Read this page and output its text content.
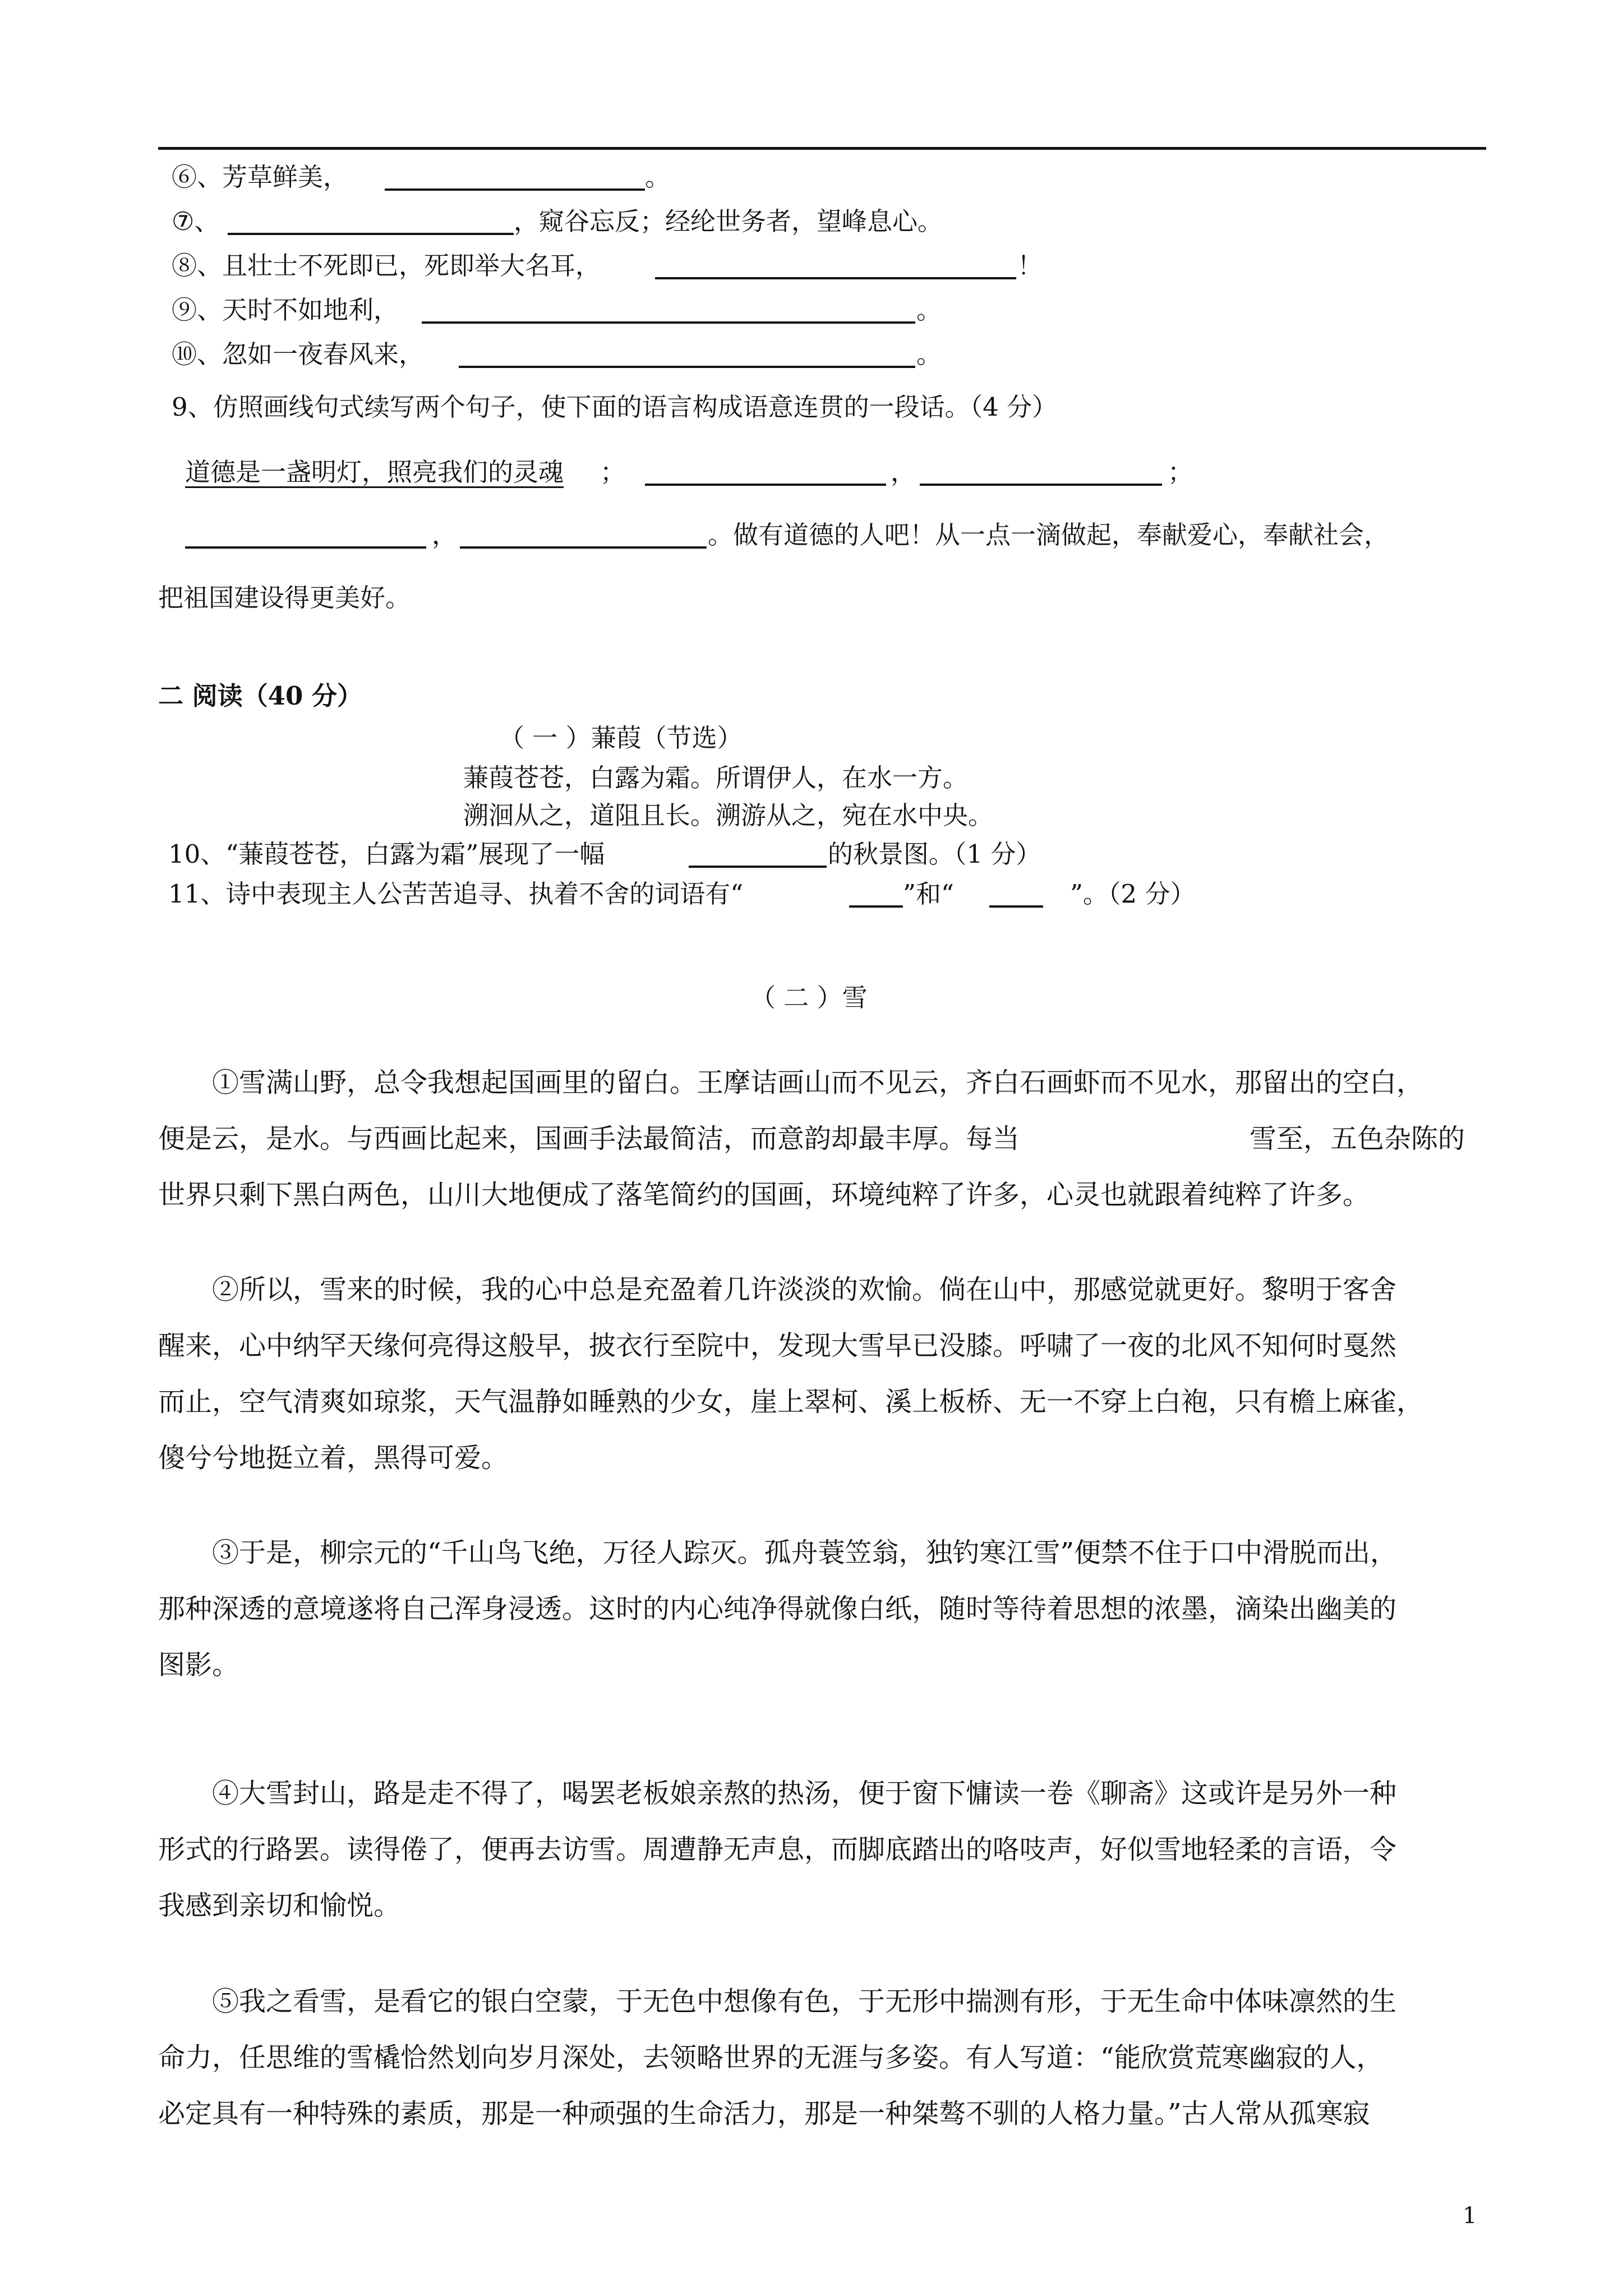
⑥、芳草鲜美，	。
⑦、	，窥谷忘反；经纶世务者，望峰息心。
⑧、且壮士不死即已，死即举大名耳，	！
⑨、天时不如地利，	。
⑩、忽如一夜春风来，	。
9、仿照画线句式续写两个句子，使下面的语言构成语意连贯的一段话。（4 分）
道德是一盏明灯，照亮我们的灵魂 ；	，	；
，	。做有道德的人吧！从一点一滴做起，奉献爱心，奉献社会，
把祖国建设得更美好。
二 阅读（40 分）
（ 一 ）蒹葭（节选）
蒹葭苍苍，白露为霜。所谓伊人，在水一方。
溯洄从之，道阻且长。溯游从之，宛在水中央。
10、“蒹葭苍苍，白露为霜”展现了一幅	的秋景图。（1 分）
11、诗中表现主人公苦苦追寻、执着不舍的词语有“	”和“	”。（2 分）
（ 二 ）雪
①雪满山野，总令我想起国画里的留白。王摩诘画山而不见云，齐白石画虾而不见水，那留出的空白，
便是云，是水。与西画比起来，国画手法最简洁，而意韵却最丰厚。每当	雪至，五色杂陈的
世界只剩下黑白两色，山川大地便成了落笔简约的国画，环境纯粹了许多，心灵也就跟着纯粹了许多。
②所以，雪来的时候，我的心中总是充盈着几许淡淡的欢愉。倘在山中，那感觉就更好。黎明于客舍
醒来，心中纳罕天缘何亮得这般早，披衣行至院中，发现大雪早已没膝。呼啸了一夜的北风不知何时戛然
而止，空气清爽如琼浆，天气温静如睡熟的少女，崖上翠柯、溪上板桥、无一不穿上白袍，只有檐上麻雀，
傻兮兮地挺立着，黑得可爱。
③于是，柳宗元的“千山鸟飞绝，万径人踪灭。孤舟蓑笠翁，独钓寒江雪”便禁不住于口中滑脱而出，
那种深透的意境遂将自己浑身浸透。这时的内心纯净得就像白纸，随时等待着思想的浓墨，滴染出幽美的
图影。
④大雪封山，路是走不得了，喝罢老板娘亲熬的热汤，便于窗下慵读一卷《聊斋》这或许是另外一种
形式的行路罢。读得倦了，便再去访雪。周遭静无声息，而脚底踏出的咯吱声，好似雪地轻柔的言语，令
我感到亲切和愉悦。
⑤我之看雪，是看它的银白空蒙，于无色中想像有色，于无形中揣测有形，于无生命中体味凛然的生
命力，任思维的雪橇恰然划向岁月深处，去领略世界的无涯与多姿。有人写道：“能欣赏荒寒幽寂的人，
必定具有一种特殊的素质，那是一种顽强的生命活力，那是一种桀骜不驯的人格力量。”古人常从孤寒寂
1
